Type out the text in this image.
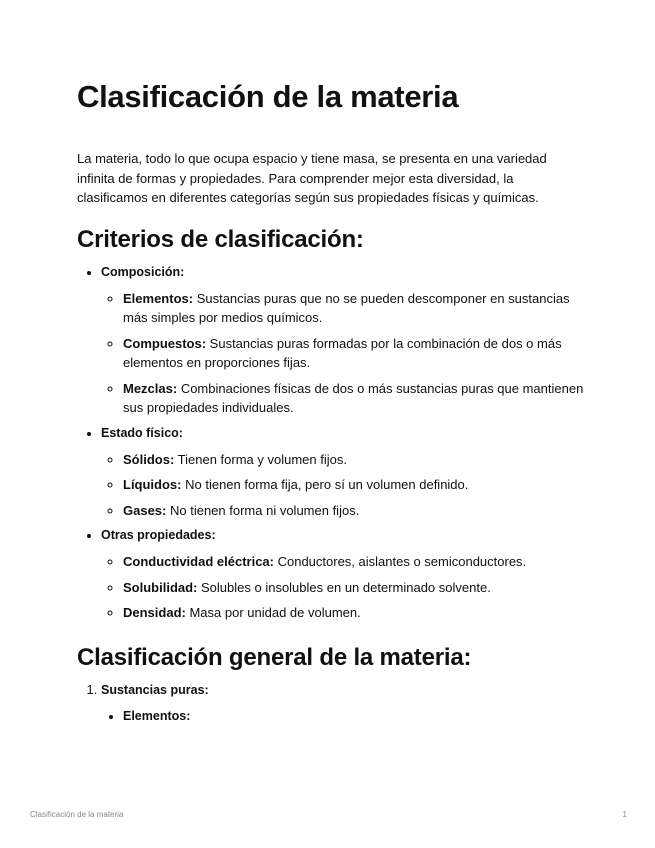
Clasificación de la materia

La materia, todo lo que ocupa espacio y tiene masa, se presenta en una variedad infinita de formas y propiedades. Para comprender mejor esta diversidad, la clasificamos en diferentes categorías según sus propiedades físicas y químicas.

Criterios de clasificación:
• Composición:
◦ Elementos: Sustancias puras que no se pueden descomponer en sustancias más simples por medios químicos.
◦ Compuestos: Sustancias puras formadas por la combinación de dos o más elementos en proporciones fijas.
◦ Mezclas: Combinaciones físicas de dos o más sustancias puras que mantienen sus propiedades individuales.
• Estado físico:
◦ Sólidos: Tienen forma y volumen fijos.
◦ Líquidos: No tienen forma fija, pero sí un volumen definido.
◦ Gases: No tienen forma ni volumen fijos.
• Otras propiedades:
◦ Conductividad eléctrica: Conductores, aislantes o semiconductores.
◦ Solubilidad: Solubles o insolubles en un determinado solvente.
◦ Densidad: Masa por unidad de volumen.
Clasificación general de la materia:
1. Sustancias puras:
• Elementos:
Clasificación de la materia	1
